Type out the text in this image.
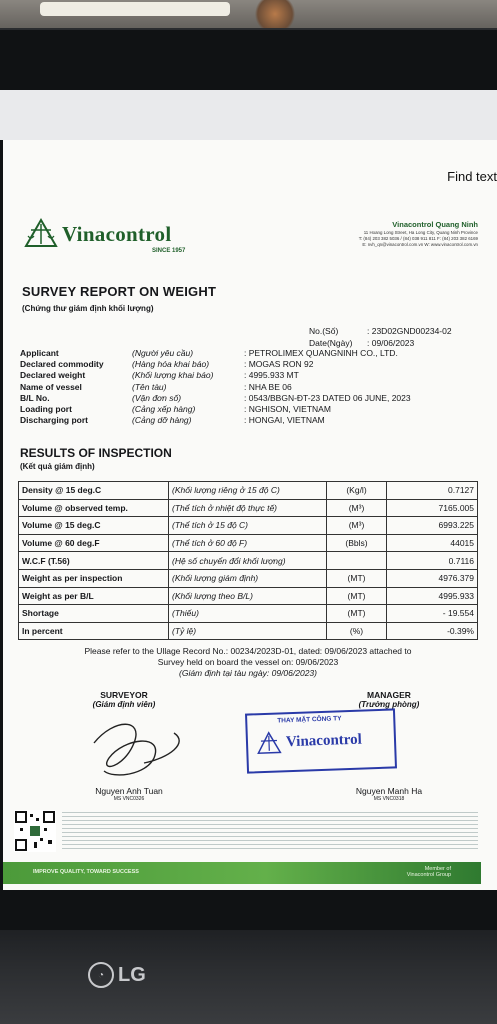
◔ LG
Find text
Vinacontrol
SINCE 1957
Vinacontrol Quang Ninh
11 Hoang Long Street, Ha Long City, Quang Ninh Province
T: (84) 203 382 5036 / (84) 038 911 811 F: (84) 203 382 6169
E: nvh_qn@vinacontrol.com.vn W: www.vinacontrol.com.vn
SURVEY REPORT ON WEIGHT
(Chứng thư giám định khối lượng)
No.(Số)	: 23D02GND00234-02
Date(Ngày) : 09/06/2023
Applicant	(Người yêu cầu)	: PETROLIMEX QUANGNINH CO., LTD.
Declared commodity	(Hàng hóa khai báo)	: MOGAS RON 92
Declared weight	(Khối lượng khai báo)	: 4995.933 MT
Name of vessel	(Tên tàu)	: NHA BE 06
B/L No.	(Vận đơn số)	: 0543/BBGN-ĐT-23 DATED 06 JUNE, 2023
Loading port	(Cảng xếp hàng)	: NGHISON, VIETNAM
Discharging port	(Cảng dỡ hàng)	: HONGAI, VIETNAM
RESULTS OF INSPECTION
(Kết quả giám định)
Density @ 15 deg.C	(Khối lượng riêng ở 15 độ C)	(Kg/l)	0.7127
Volume @ observed temp.	(Thể tích ở nhiệt độ thực tế)	(M³)	7165.005
Volume @ 15 deg.C	(Thể tích ở 15 độ C)	(M³)	6993.225
Volume @ 60 deg.F	(Thể tích ở 60 độ F)	(Bbls)	44015
W.C.F (T.56)	(Hệ số chuyển đổi khối lượng)		0.7116
Weight as per inspection	(Khối lượng giám định)	(MT)	4976.379
Weight as per B/L	(Khối lượng theo B/L)	(MT)	4995.933
Shortage	(Thiếu)	(MT)	- 19.554
In percent	(Tỷ lệ)	(%)	-0.39%
Please refer to the Ullage Record No.: 00234/2023D-01, dated: 09/06/2023 attached to
Survey held on board the vessel on: 09/06/2023
(Giám định tại tàu ngày: 09/06/2023)
SURVEYOR
(Giám định viên)
MANAGER
(Trưởng phòng)
THAY MẶT CÔNG TY
Vinacontrol
Nguyen Anh Tuan
MS VNC0326
Nguyen Manh Ha
MS VNC0318
IMPROVE QUALITY, TOWARD SUCCESS	Member of
Vinacontrol Group
